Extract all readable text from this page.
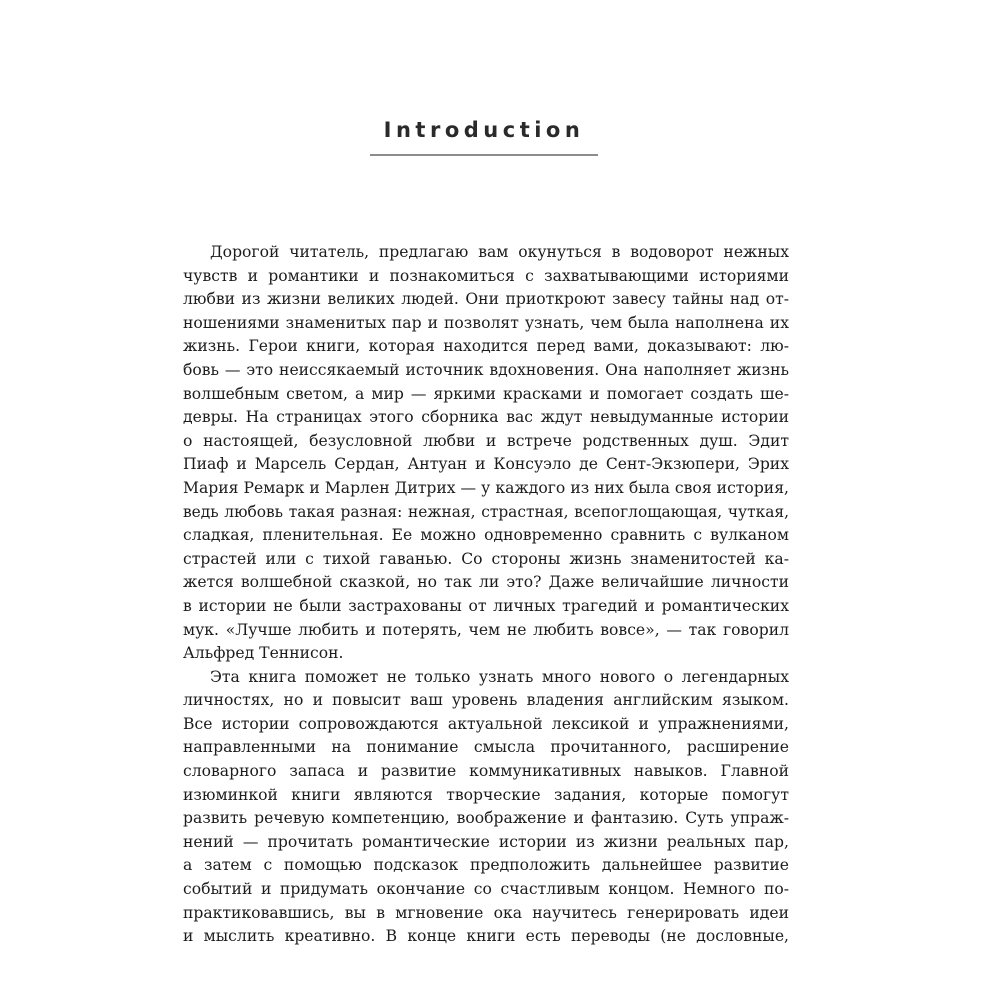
Introduction
Дорогой читатель, предлагаю вам окунуться в водоворот нежных
чувств и романтики и познакомиться с захватывающими историями
любви из жизни великих людей. Они приоткроют завесу тайны над от-
ношениями знаменитых пар и позволят узнать, чем была наполнена их
жизнь. Герои книги, которая находится перед вами, доказывают: лю-
бовь — это неиссякаемый источник вдохновения. Она наполняет жизнь
волшебным светом, а мир — яркими красками и помогает создать ше-
девры. На страницах этого сборника вас ждут невыдуманные истории
о настоящей, безусловной любви и встрече родственных душ. Эдит
Пиаф и Марсель Сердан, Антуан и Консуэло де Сент-Экзюпери, Эрих
Мария Ремарк и Марлен Дитрих — у каждого из них была своя история,
ведь любовь такая разная: нежная, страстная, всепоглощающая, чуткая,
сладкая, пленительная. Ее можно одновременно сравнить с вулканом
страстей или с тихой гаванью. Со стороны жизнь знаменитостей ка-
жется волшебной сказкой, но так ли это? Даже величайшие личности
в истории не были застрахованы от личных трагедий и романтических
мук. «Лучше любить и потерять, чем не любить вовсе», — так говорил
Альфред Теннисон.
Эта книга поможет не только узнать много нового о легендарных
личностях, но и повысит ваш уровень владения английским языком.
Все истории сопровождаются актуальной лексикой и упражнениями,
направленными на понимание смысла прочитанного, расширение
словарного запаса и развитие коммуникативных навыков. Главной
изюминкой книги являются творческие задания, которые помогут
развить речевую компетенцию, воображение и фантазию. Суть упраж-
нений — прочитать романтические истории из жизни реальных пар,
а затем с помощью подсказок предположить дальнейшее развитие
событий и придумать окончание со счастливым концом. Немного по-
практиковавшись, вы в мгновение ока научитесь генерировать идеи
и мыслить креативно. В конце книги есть переводы (не дословные,
